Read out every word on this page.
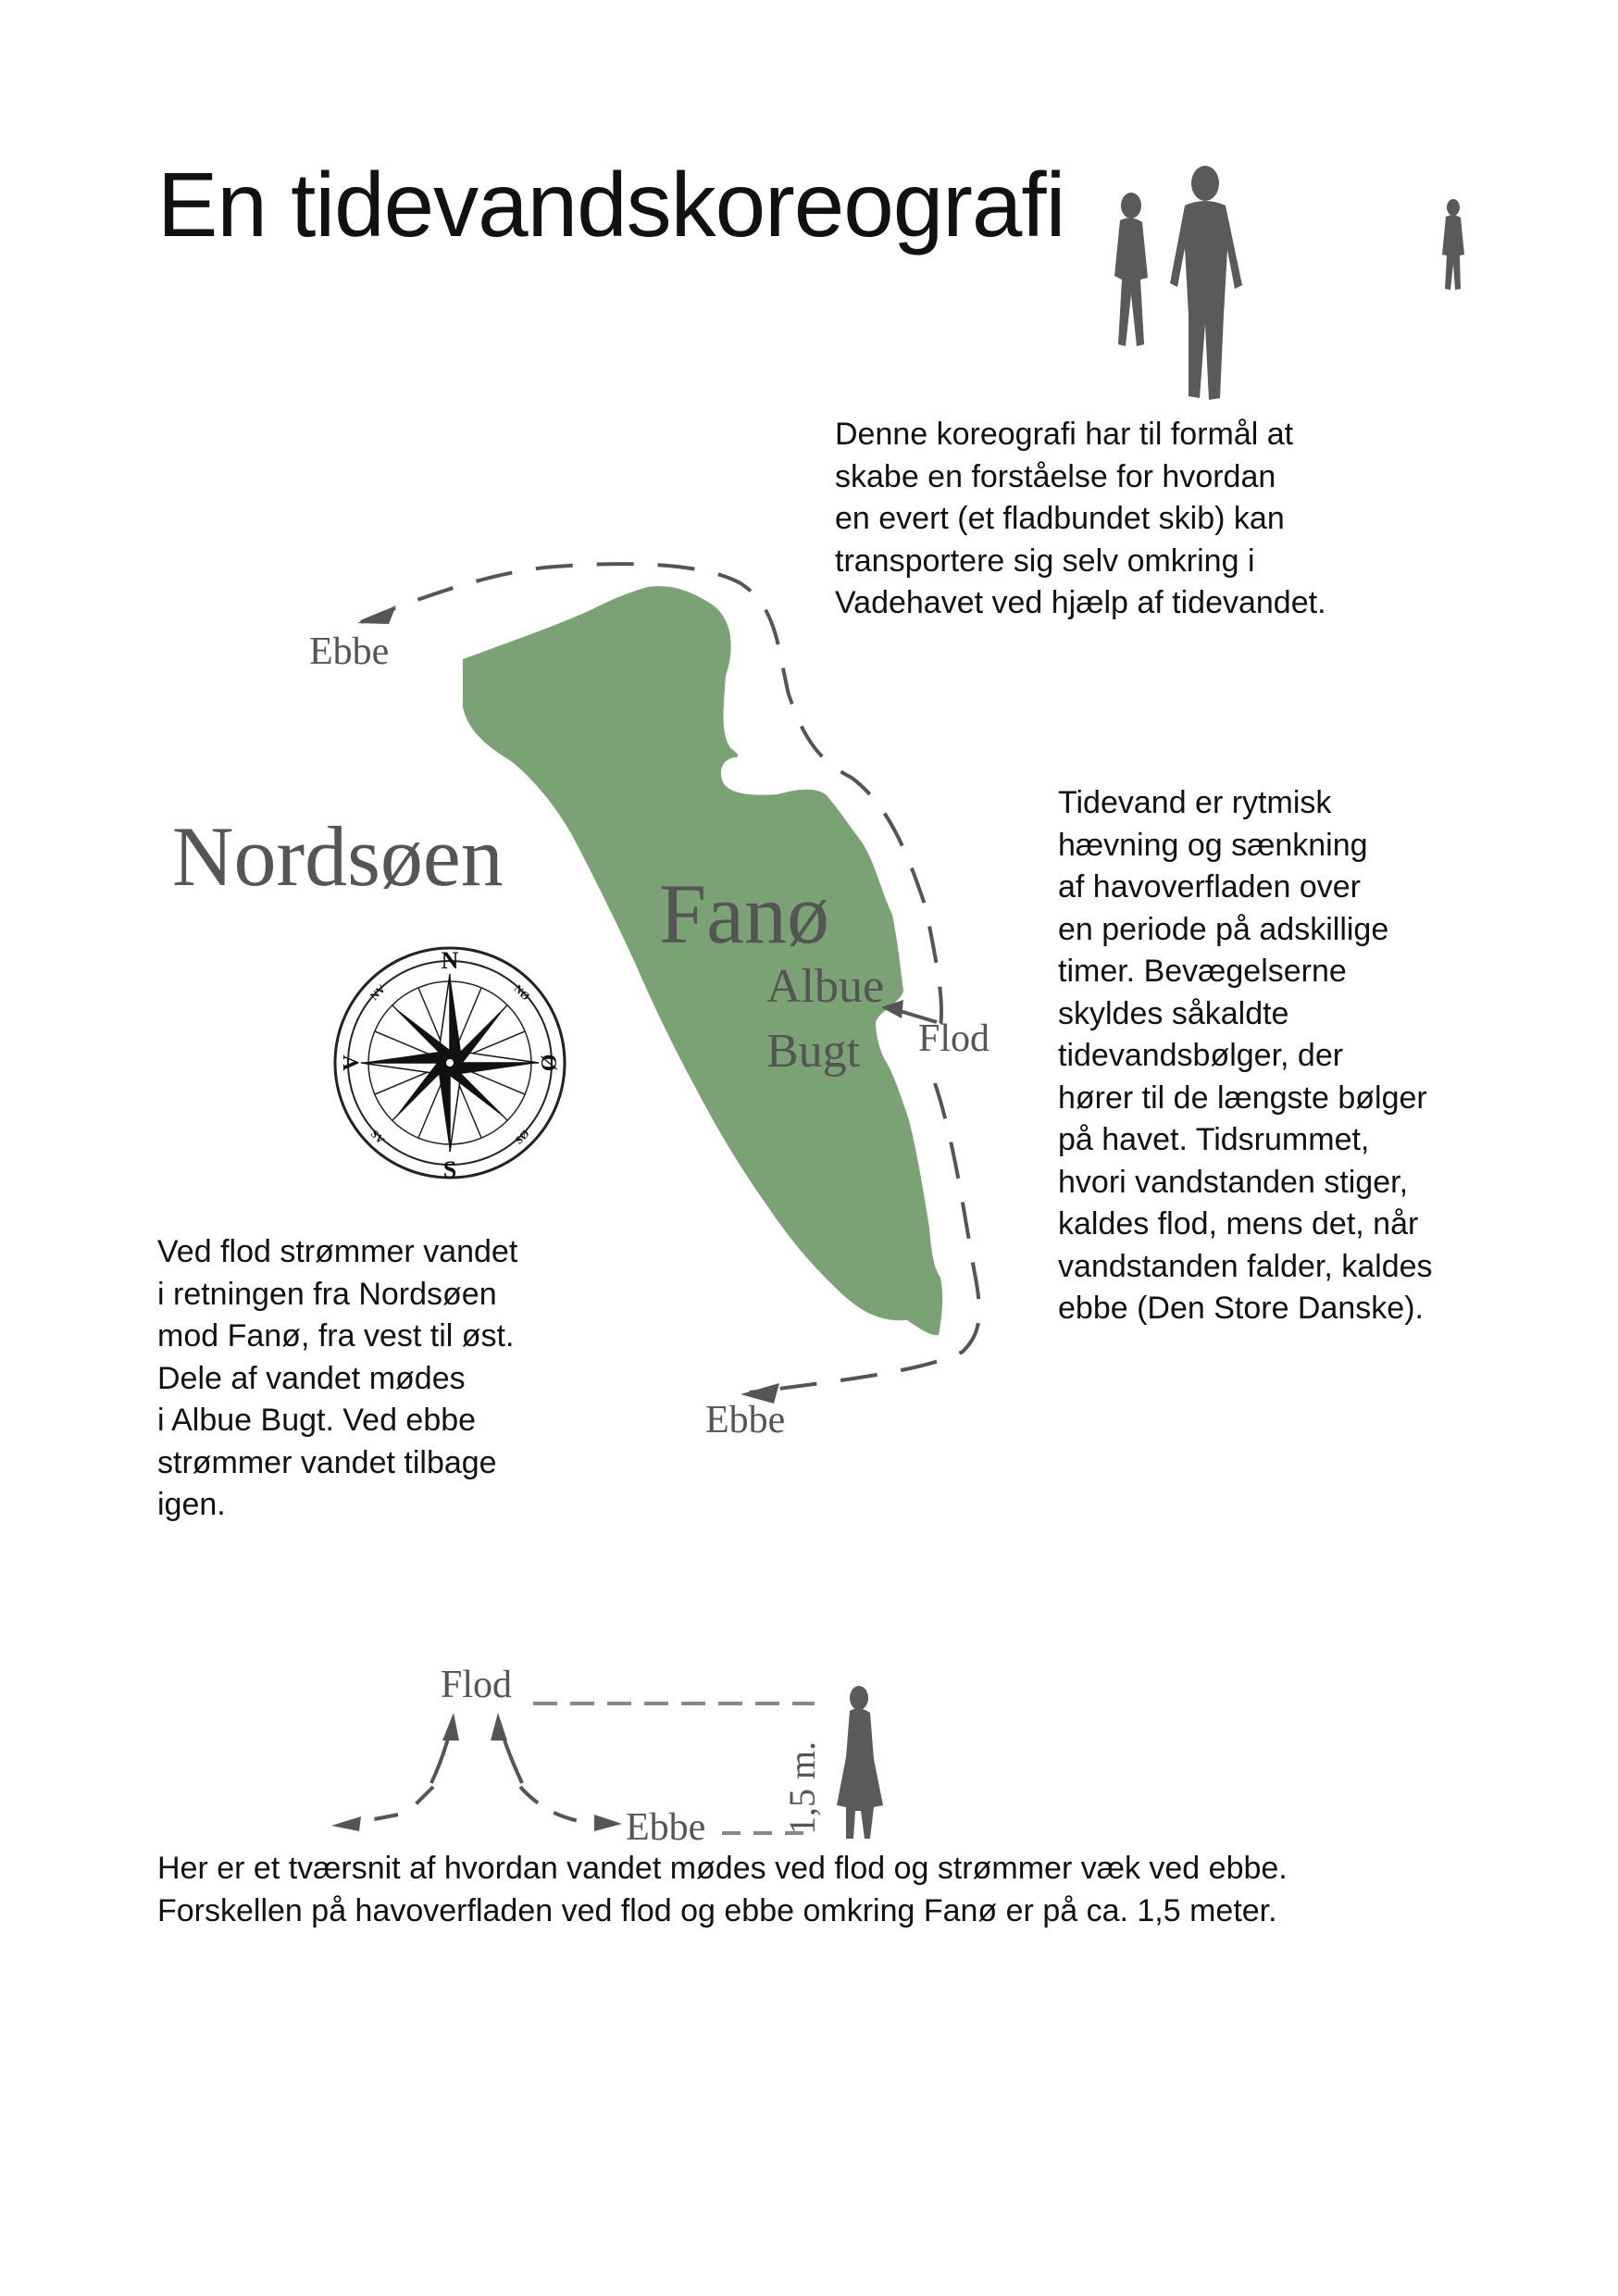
En tidevandskoreografi

Denne koreografi har til formål at
skabe en forståelse for hvordan
en evert (et fladbundet skib) kan
transportere sig selv omkring i
Vadehavet ved hjælp af tidevandet.

N
S
Ø
V
NØ
NV
SØ
SV
Nordsøen
Fanø
Albue
Bugt
Ebbe
Ebbe
Flod

Tidevand er rytmisk
hævning og sænkning
af havoverfladen over
en periode på adskillige
timer. Bevægelserne
skyldes såkaldte
tidevandsbølger, der
hører til de længste bølger
på havet. Tidsrummet,
hvori vandstanden stiger,
kaldes flod, mens det, når
vandstanden falder, kaldes
ebbe (Den Store Danske).

Ved flod strømmer vandet
i retningen fra Nordsøen
mod Fanø, fra vest til øst.
Dele af vandet mødes
i Albue Bugt. Ved ebbe
strømmer vandet tilbage
igen.

1,5 m.
Flod
Ebbe

Her er et tværsnit af hvordan vandet mødes ved flod og strømmer væk ved ebbe.
Forskellen på havoverfladen ved flod og ebbe omkring Fanø er på ca. 1,5 meter.
